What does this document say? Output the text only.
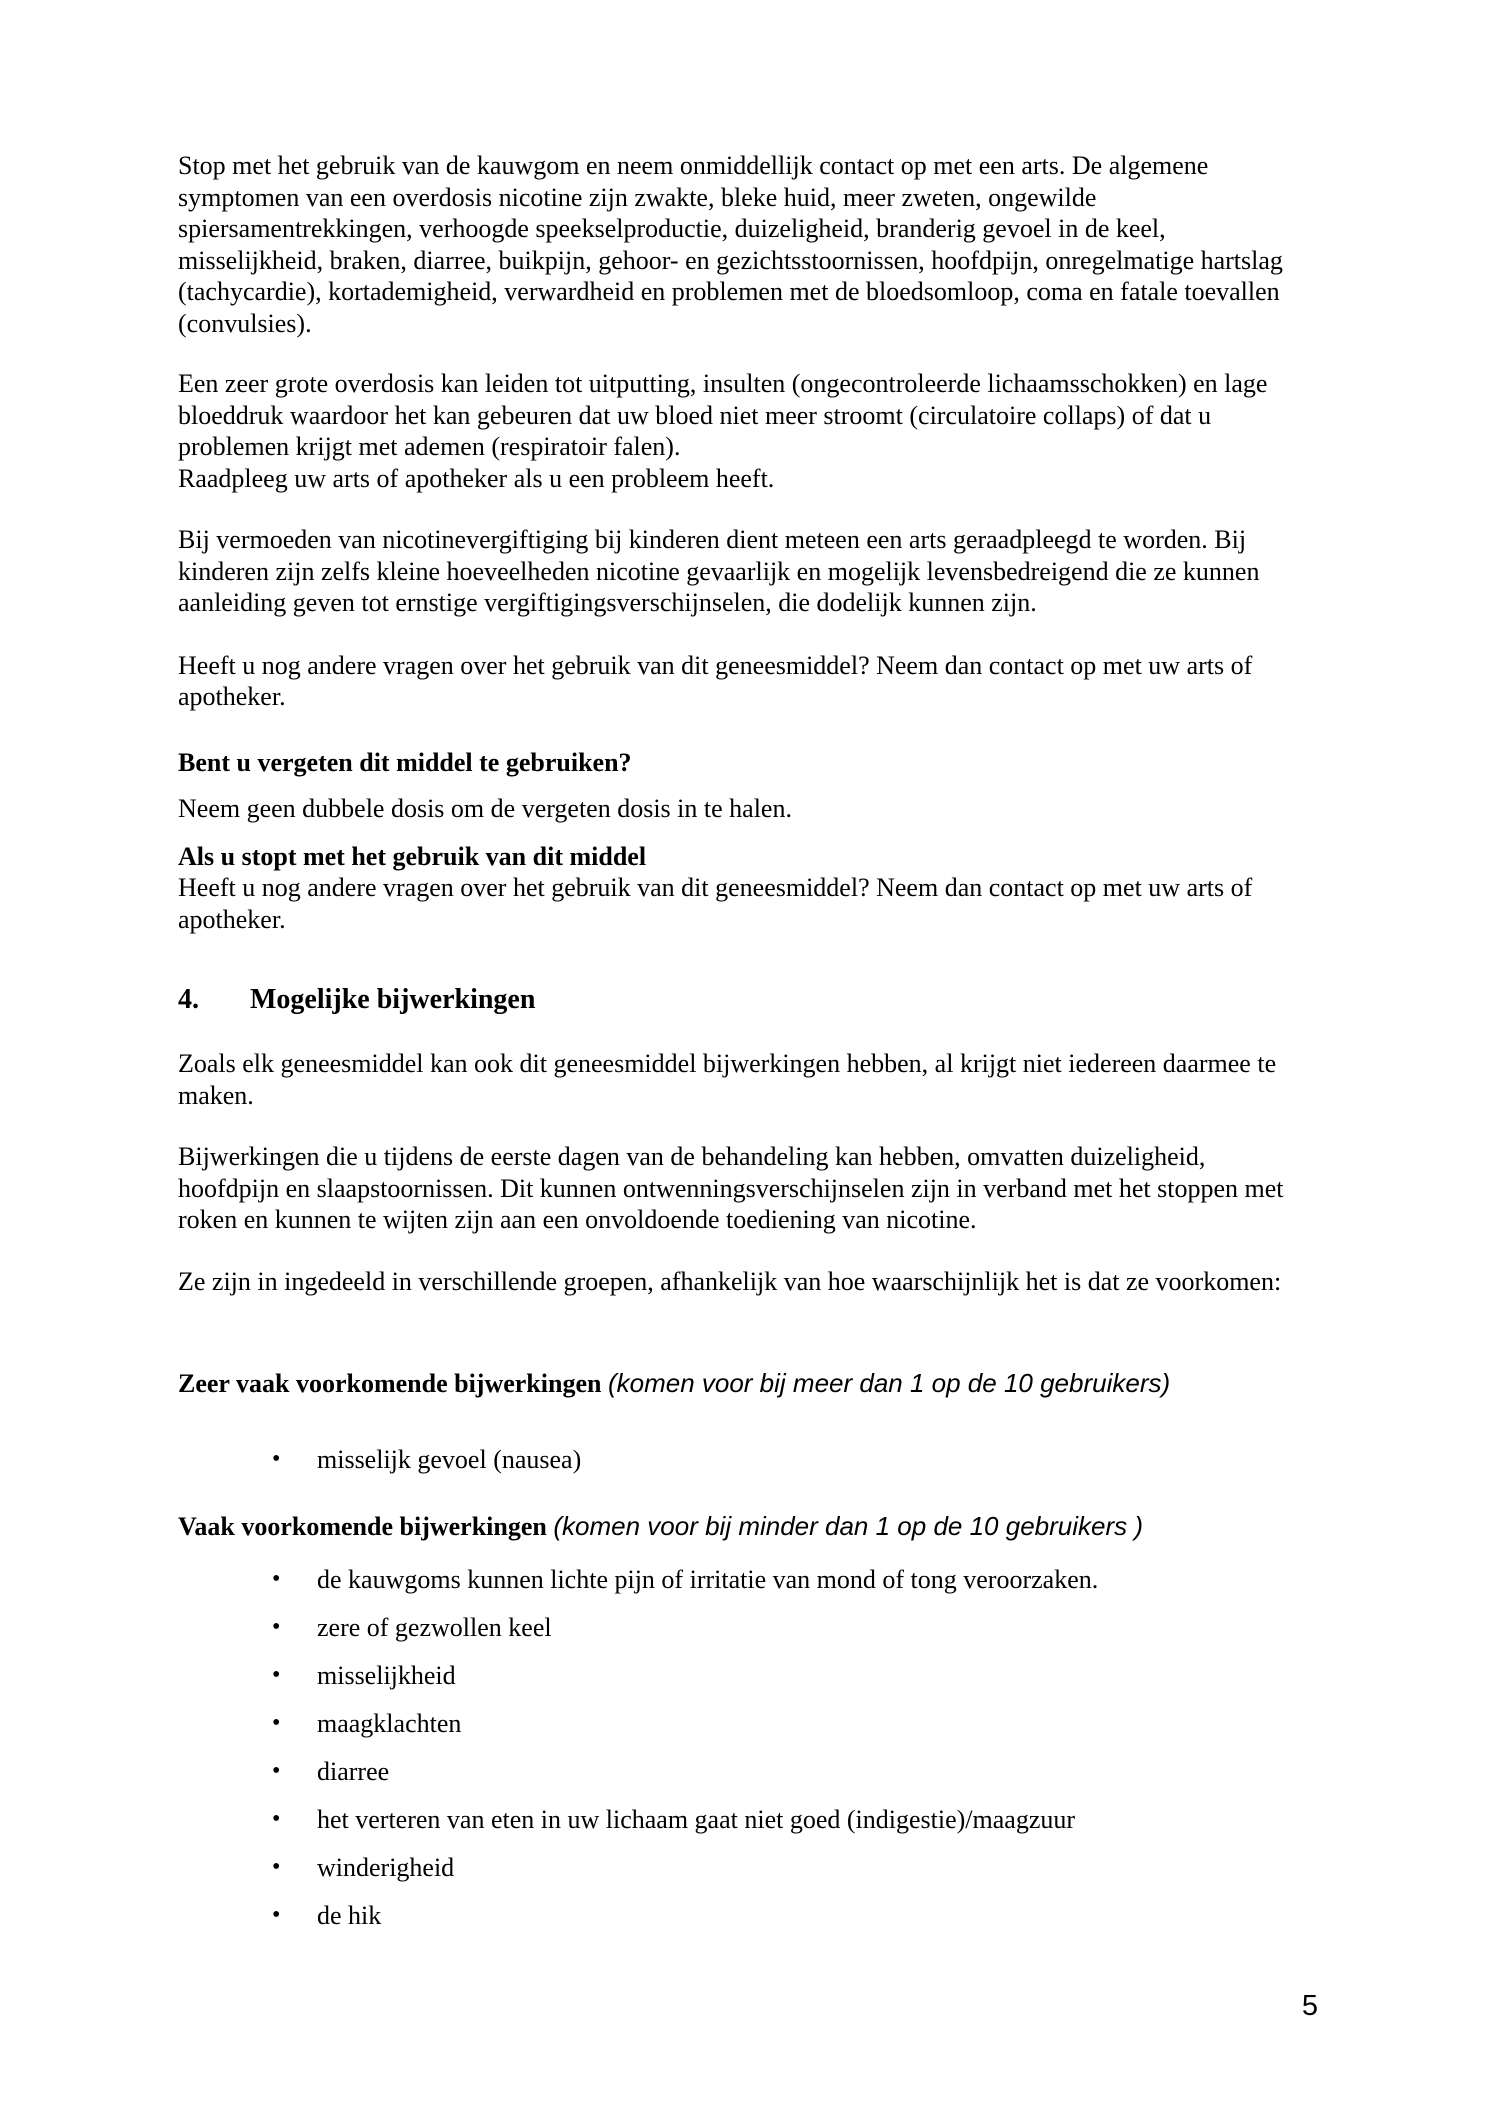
Stop met het gebruik van de kauwgom en neem onmiddellijk contact op met een arts. De algemene symptomen van een overdosis nicotine zijn zwakte, bleke huid, meer zweten, ongewilde spiersamentrekkingen, verhoogde speekselproductie, duizeligheid, branderig gevoel in de keel, misselijkheid, braken, diarree, buikpijn, gehoor- en gezichtsstoornissen, hoofdpijn, onregelmatige hartslag (tachycardie), kortademigheid, verwardheid en problemen met de bloedsomloop, coma en fatale toevallen (convulsies).

Een zeer grote overdosis kan leiden tot uitputting, insulten (ongecontroleerde lichaamsschokken) en lage bloeddruk waardoor het kan gebeuren dat uw bloed niet meer stroomt (circulatoire collaps) of dat u problemen krijgt met ademen (respiratoir falen).
Raadpleeg uw arts of apotheker als u een probleem heeft.

Bij vermoeden van nicotinevergiftiging bij kinderen dient meteen een arts geraadpleegd te worden. Bij kinderen zijn zelfs kleine hoeveelheden nicotine gevaarlijk en mogelijk levensbedreigend die ze kunnen aanleiding geven tot ernstige vergiftigingsverschijnselen, die dodelijk kunnen zijn.

Heeft u nog andere vragen over het gebruik van dit geneesmiddel? Neem dan contact op met uw arts of apotheker.

Bent u vergeten dit middel te gebruiken?

Neem geen dubbele dosis om de vergeten dosis in te halen.

Als u stopt met het gebruik van dit middel

Heeft u nog andere vragen over het gebruik van dit geneesmiddel? Neem dan contact op met uw arts of apotheker.

4.	Mogelijke bijwerkingen

Zoals elk geneesmiddel kan ook dit geneesmiddel bijwerkingen hebben, al krijgt niet iedereen daarmee te maken.

Bijwerkingen die u tijdens de eerste dagen van de behandeling kan hebben, omvatten duizeligheid, hoofdpijn en slaapstoornissen. Dit kunnen ontwenningsverschijnselen zijn in verband met het stoppen met roken en kunnen te wijten zijn aan een onvoldoende toediening van nicotine.

Ze zijn in ingedeeld in verschillende groepen, afhankelijk van hoe waarschijnlijk het is dat ze voorkomen:

Zeer vaak voorkomende bijwerkingen (komen voor bij meer dan 1 op de 10 gebruikers)

•	misselijk gevoel (nausea)

Vaak voorkomende bijwerkingen (komen voor bij minder dan 1 op de 10 gebruikers )

•	de kauwgoms kunnen lichte pijn of irritatie van mond of tong veroorzaken.
•	zere of gezwollen keel
•	misselijkheid
•	maagklachten
•	diarree
•	het verteren van eten in uw lichaam gaat niet goed (indigestie)/maagzuur
•	winderigheid
•	de hik
5
